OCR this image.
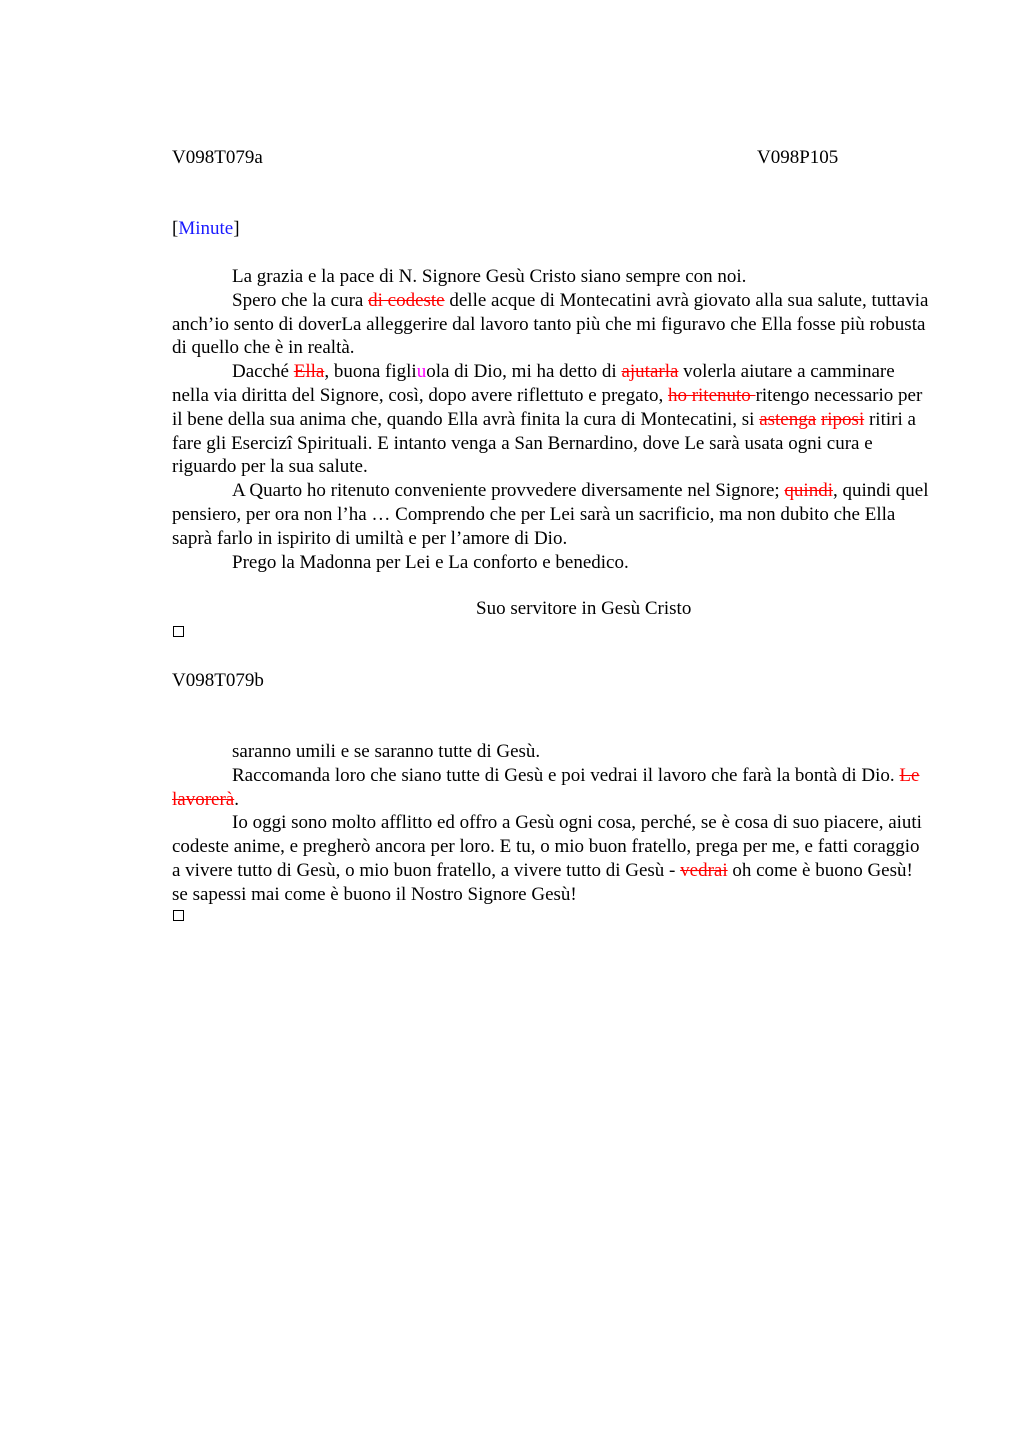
V098T079a	V098P105
[Minute]

La grazia e la pace di N. Signore Gesù Cristo siano sempre con noi.

Spero che la cura di codeste delle acque di Montecatini avrà giovato alla sua salute, tuttavia anch’io sento di doverLa alleggerire dal lavoro tanto più che mi figuravo che Ella fosse più robusta di quello che è in realtà.

Dacché Ella, buona figliuola di Dio, mi ha detto di ajutarla volerla aiutare a camminare nella via diritta del Signore, così, dopo avere riflettuto e pregato, ho ritenuto ritengo necessario per il bene della sua anima che, quando Ella avrà finita la cura di Montecatini, si astenga riposi ritiri a fare gli Esercizî Spirituali. E intanto venga a San Bernardino, dove Le sarà usata ogni cura e riguardo per la sua salute.

A Quarto ho ritenuto conveniente provvedere diversamente nel Signore; quindi, quindi quel pensiero, per ora non l’ha … Comprendo che per Lei sarà un sacrificio, ma non dubito che Ella saprà farlo in ispirito di umiltà e per l’amore di Dio.

Prego la Madonna per Lei e La conforto e benedico.

Suo servitore in Gesù Cristo
V098T079b

saranno umili e se saranno tutte di Gesù.

Raccomanda loro che siano tutte di Gesù e poi vedrai il lavoro che farà la bontà di Dio. Le lavorerà.

Io oggi sono molto afflitto ed offro a Gesù ogni cosa, perché, se è cosa di suo piacere, aiuti codeste anime, e pregherò ancora per loro. E tu, o mio buon fratello, prega per me, e fatti coraggio a vivere tutto di Gesù, o mio buon fratello, a vivere tutto di Gesù - vedrai oh come è buono Gesù! se sapessi mai come è buono il Nostro Signore Gesù!
